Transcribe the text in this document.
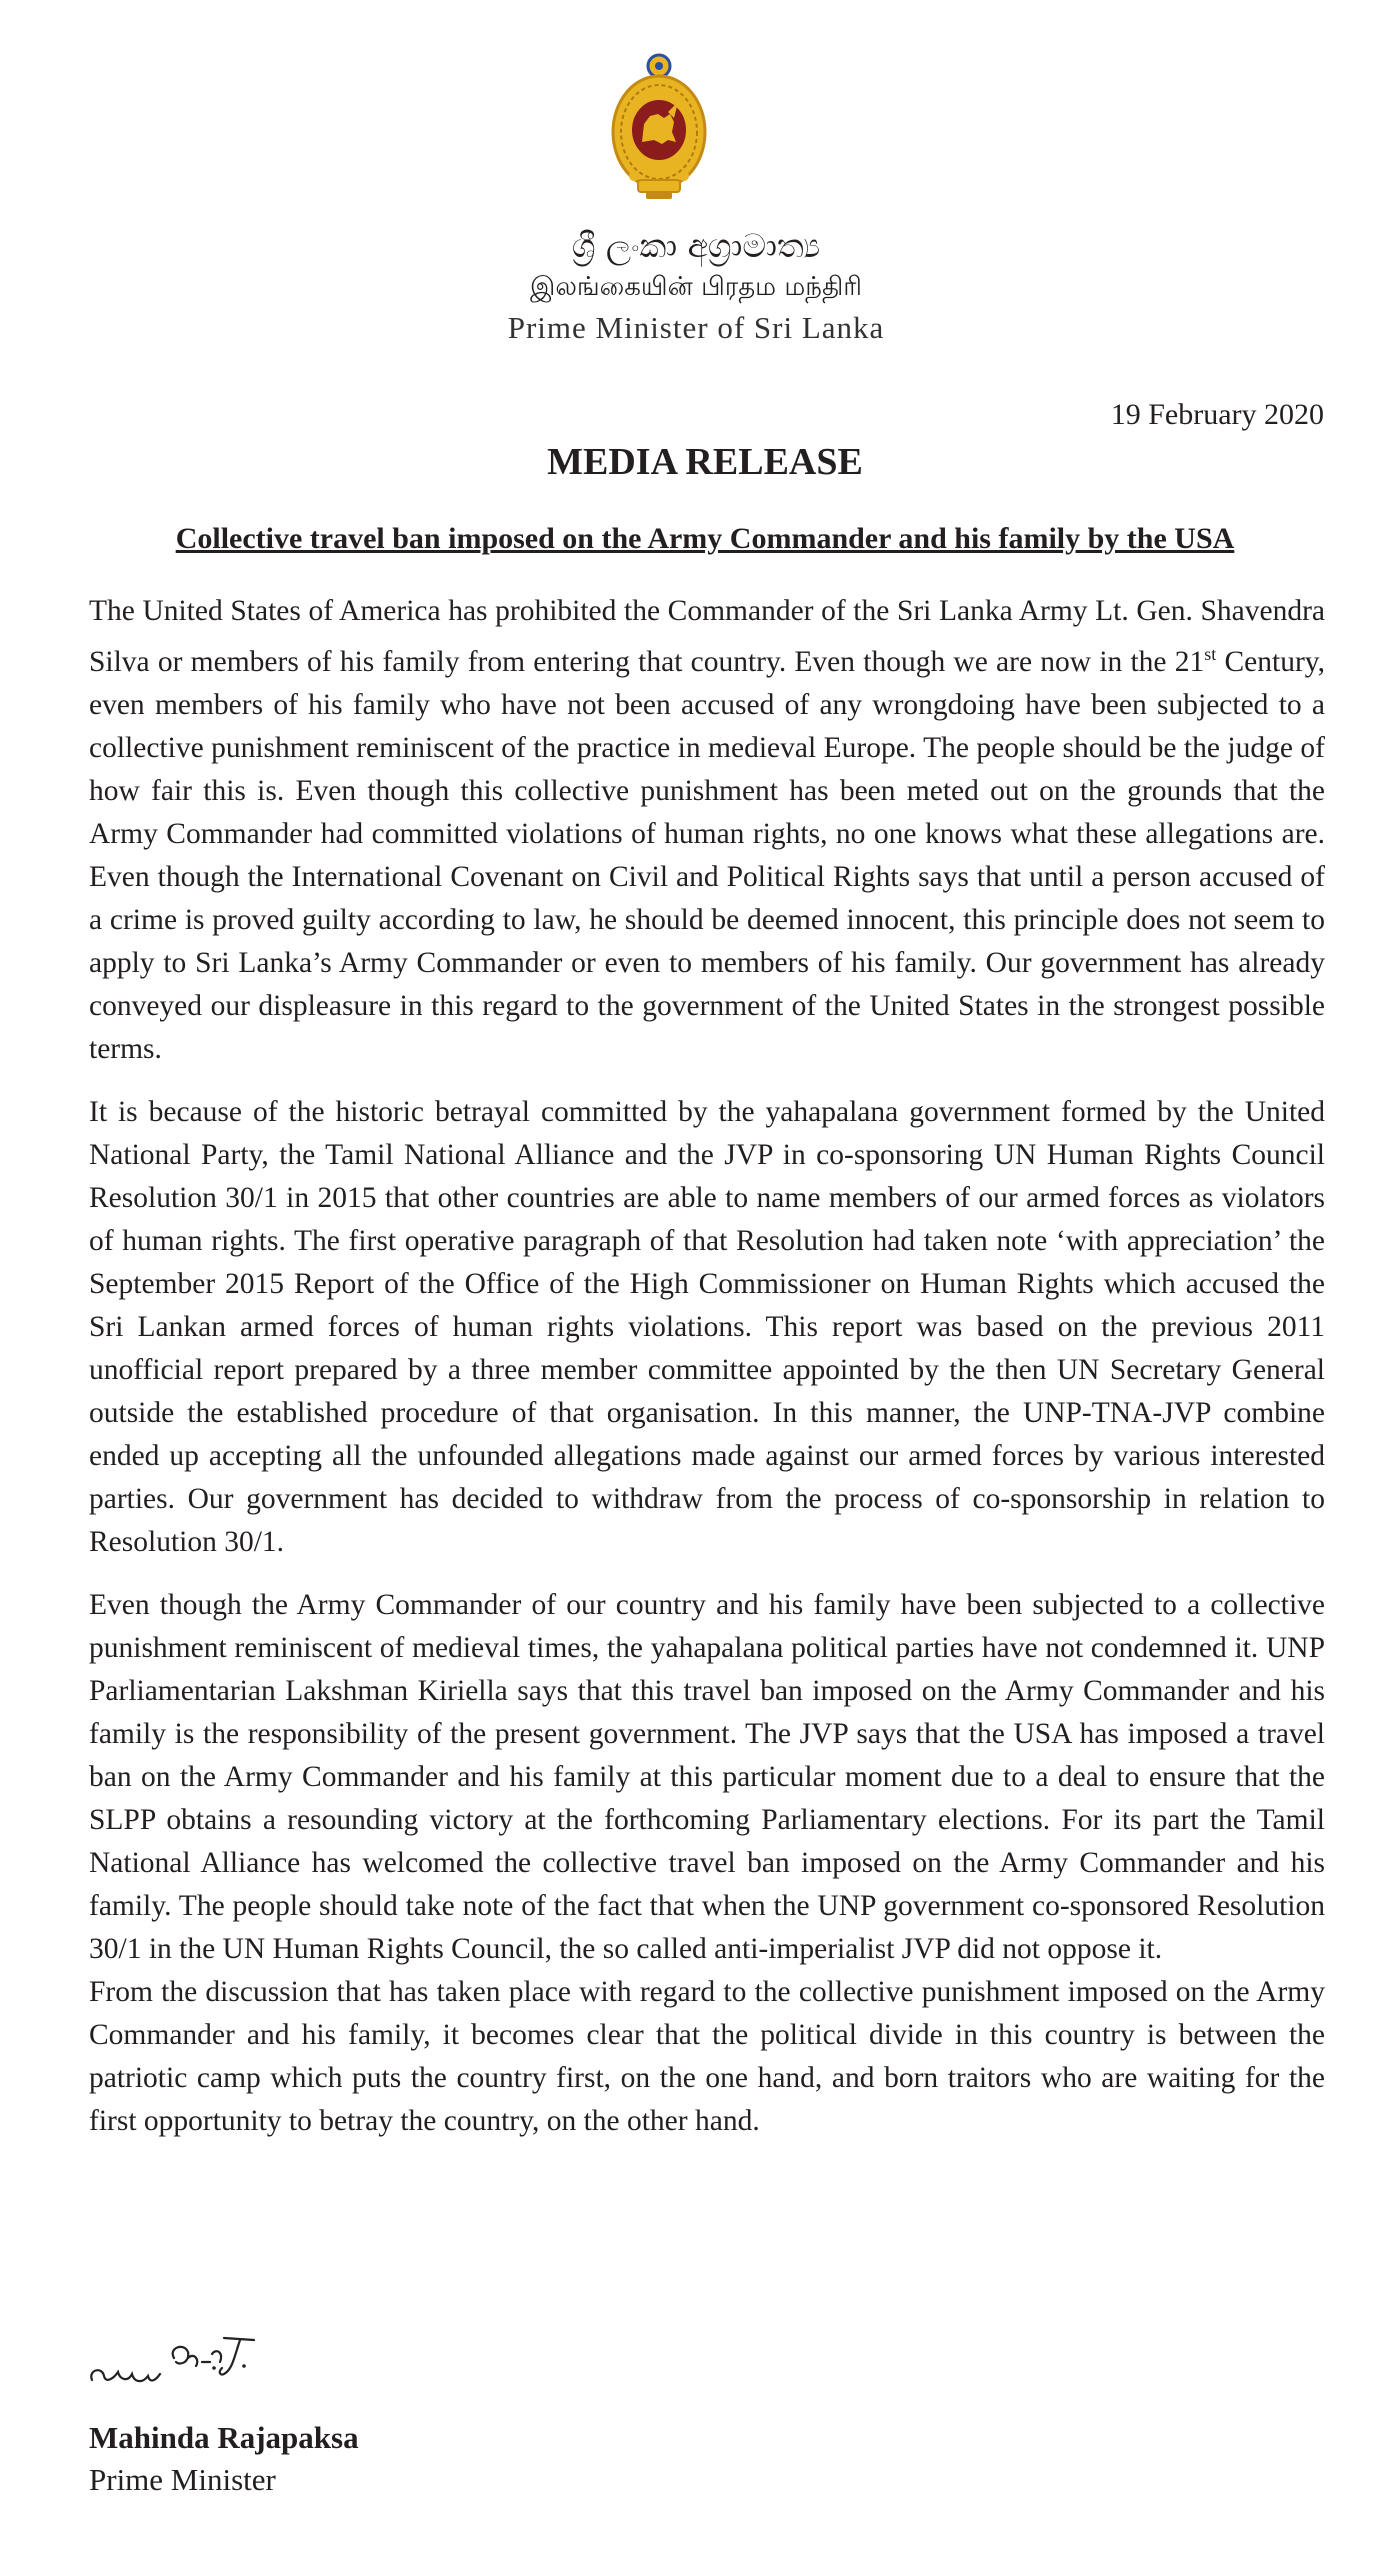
ශ්‍රී ලංකා අග්‍රාමාත්‍ය
இலங்கையின் பிரதம மந்திரி
Prime Minister of Sri Lanka
19 February 2020
MEDIA RELEASE
Collective travel ban imposed on the Army Commander and his family by the USA

The United States of America has prohibited the Commander of the Sri Lanka Army Lt. Gen. Shavendra Silva or members of his family from entering that country. Even though we are now in the 21st Century, even members of his family who have not been accused of any wrongdoing have been subjected to a collective punishment reminiscent of the practice in medieval Europe. The people should be the judge of how fair this is. Even though this collective punishment has been meted out on the grounds that the Army Commander had committed violations of human rights, no one knows what these allegations are. Even though the International Covenant on Civil and Political Rights says that until a person accused of a crime is proved guilty according to law, he should be deemed innocent, this principle does not seem to apply to Sri Lanka’s Army Commander or even to members of his family. Our government has already conveyed our displeasure in this regard to the government of the United States in the strongest possible terms.

It is because of the historic betrayal committed by the yahapalana government formed by the United National Party, the Tamil National Alliance and the JVP in co-sponsoring UN Human Rights Council Resolution 30/1 in 2015 that other countries are able to name members of our armed forces as violators of human rights. The first operative paragraph of that Resolution had taken note ‘with appreciation’ the September 2015 Report of the Office of the High Commissioner on Human Rights which accused the Sri Lankan armed forces of human rights violations. This report was based on the previous 2011 unofficial report prepared by a three member committee appointed by the then UN Secretary General outside the established procedure of that organisation. In this manner, the UNP-TNA-JVP combine ended up accepting all the unfounded allegations made against our armed forces by various interested parties. Our government has decided to withdraw from the process of co-sponsorship in relation to Resolution 30/1.

Even though the Army Commander of our country and his family have been subjected to a collective punishment reminiscent of medieval times, the yahapalana political parties have not condemned it. UNP Parliamentarian Lakshman Kiriella says that this travel ban imposed on the Army Commander and his family is the responsibility of the present government. The JVP says that the USA has imposed a travel ban on the Army Commander and his family at this particular moment due to a deal to ensure that the SLPP obtains a resounding victory at the forthcoming Parliamentary elections. For its part the Tamil National Alliance has welcomed the collective travel ban imposed on the Army Commander and his family. The people should take note of the fact that when the UNP government co-sponsored Resolution 30/1 in the UN Human Rights Council, the so called anti-imperialist JVP did not oppose it.

From the discussion that has taken place with regard to the collective punishment imposed on the Army Commander and his family, it becomes clear that the political divide in this country is between the patriotic camp which puts the country first, on the one hand, and born traitors who are waiting for the first opportunity to betray the country, on the other hand.

Mahinda Rajapaksa
Prime Minister
